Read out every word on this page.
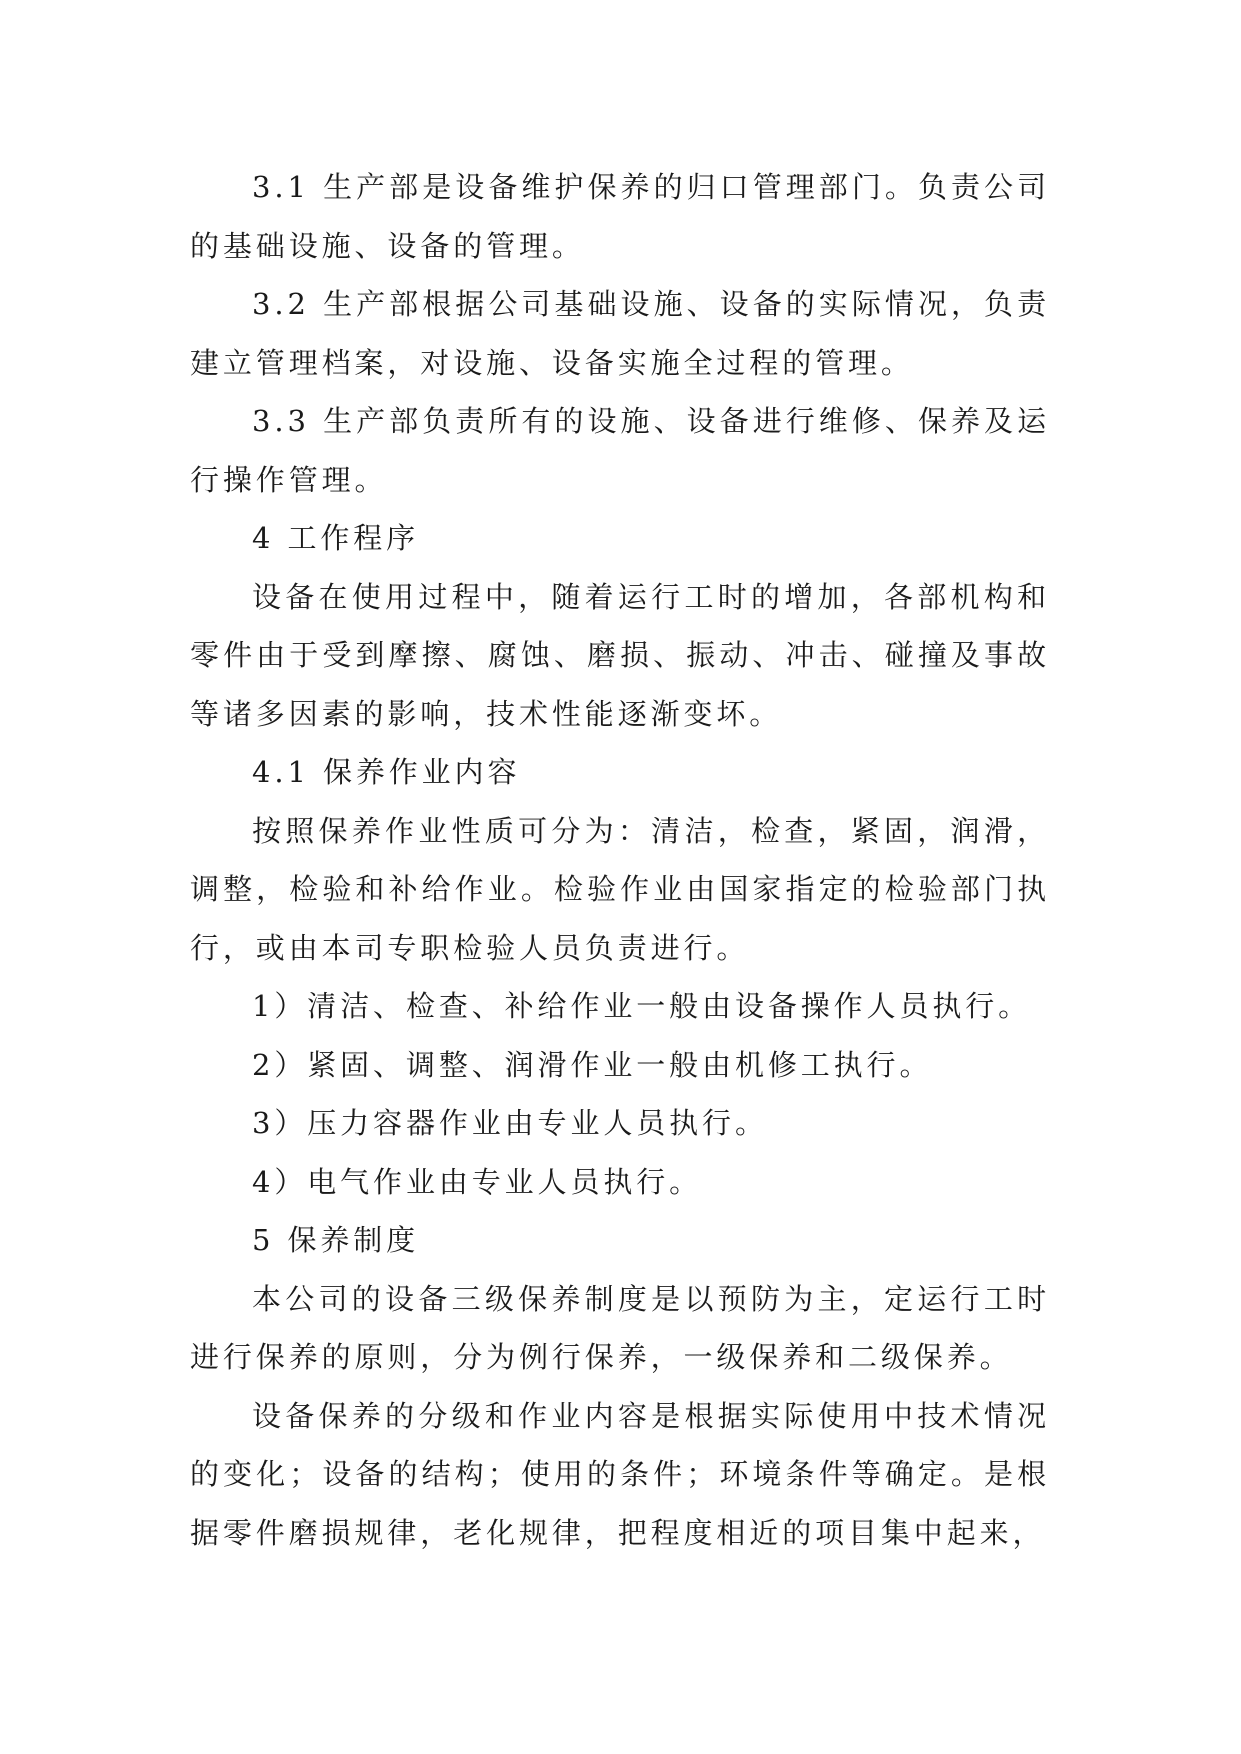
3.1 生产部是设备维护保养的归口管理部门。负责公司的基础设施、设备的管理。

3.2 生产部根据公司基础设施、设备的实际情况，负责建立管理档案，对设施、设备实施全过程的管理。

3.3 生产部负责所有的设施、设备进行维修、保养及运行操作管理。

4 工作程序

设备在使用过程中，随着运行工时的增加，各部机构和零件由于受到摩擦、腐蚀、磨损、振动、冲击、碰撞及事故等诸多因素的影响，技术性能逐渐变坏。

4.1 保养作业内容

按照保养作业性质可分为：清洁，检查，紧固，润滑，调整，检验和补给作业。检验作业由国家指定的检验部门执行，或由本司专职检验人员负责进行。

1）清洁、检查、补给作业一般由设备操作人员执行。

2）紧固、调整、润滑作业一般由机修工执行。

3）压力容器作业由专业人员执行。

4）电气作业由专业人员执行。

5 保养制度

本公司的设备三级保养制度是以预防为主，定运行工时进行保养的原则，分为例行保养，一级保养和二级保养。

设备保养的分级和作业内容是根据实际使用中技术情况的变化；设备的结构；使用的条件；环境条件等确定。是根据零件磨损规律，老化规律，把程度相近的项目集中起来，
